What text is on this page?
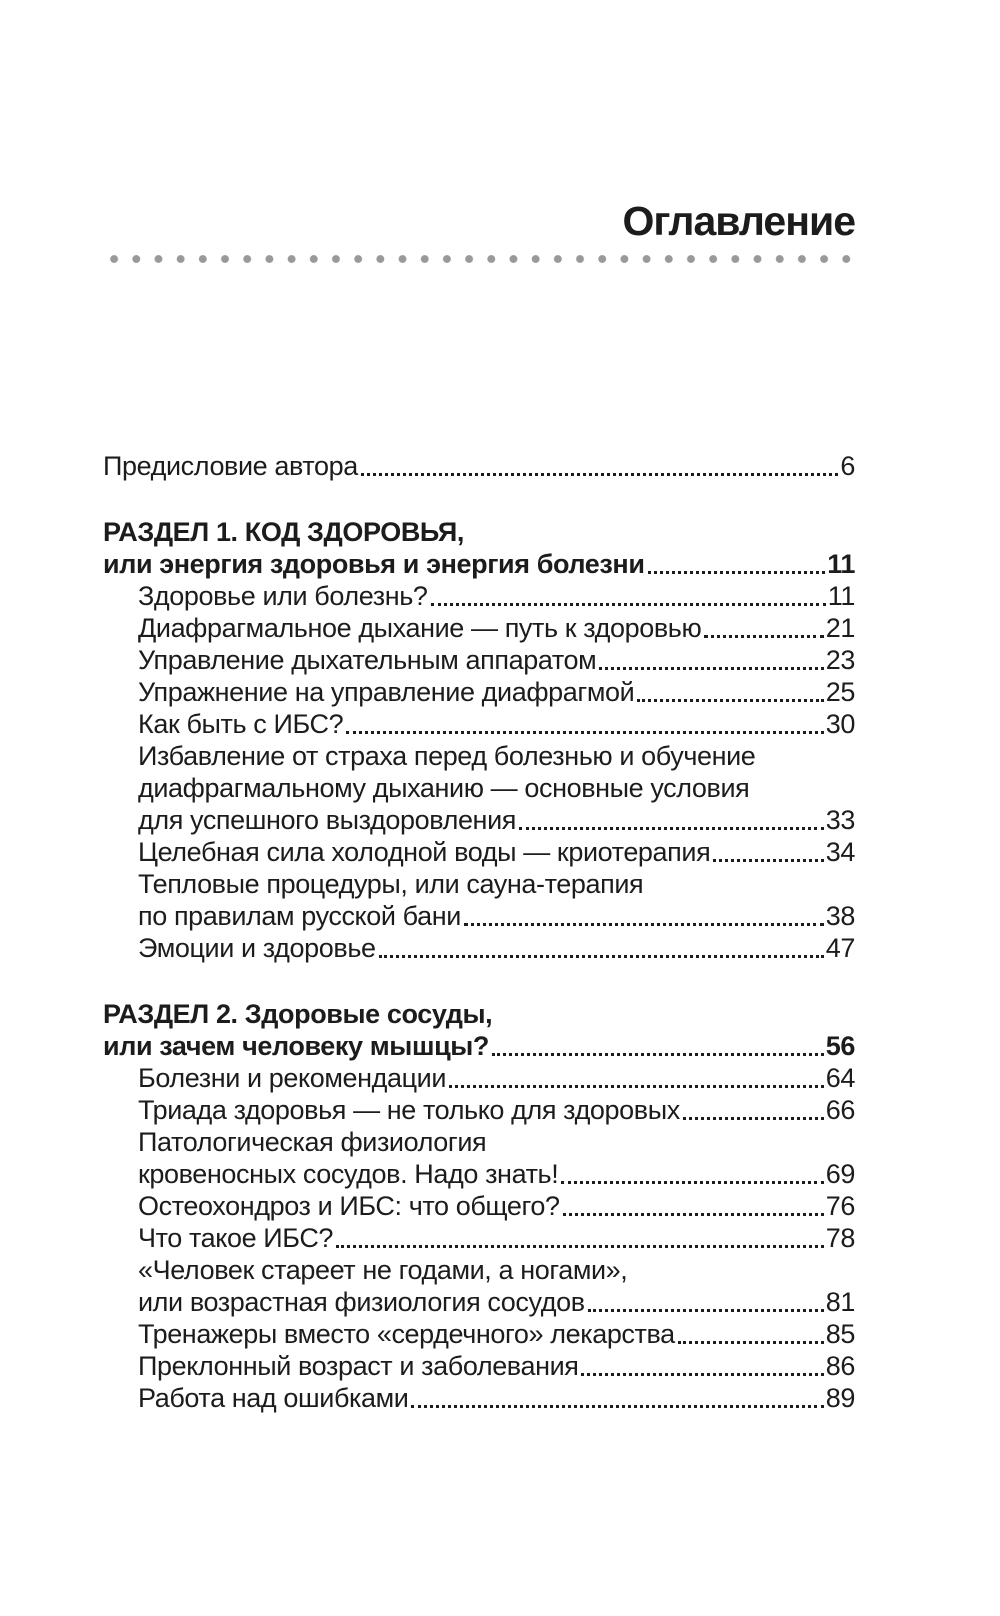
Оглавление
Предисловие автора	6
РАЗДЕЛ 1. КОД ЗДОРОВЬЯ,
или энергия здоровья и энергия болезни	11
Здоровье или болезнь?	11
Диафрагмальное дыхание — путь к здоровью	21
Управление дыхательным аппаратом	23
Упражнение на управление диафрагмой	25
Как быть с ИБС?	30
Избавление от страха перед болезнью и обучение
диафрагмальному дыханию — основные условия
для успешного выздоровления	33
Целебная сила холодной воды — криотерапия	34
Тепловые процедуры, или сауна-терапия
по правилам русской бани	38
Эмоции и здоровье	47
РАЗДЕЛ 2. Здоровые сосуды,
или зачем человеку мышцы?	56
Болезни и рекомендации	64
Триада здоровья — не только для здоровых	66
Патологическая физиология
кровеносных сосудов. Надо знать!	69
Остеохондроз и ИБС: что общего?	76
Что такое ИБС?	78
«Человек стареет не годами, а ногами»,
или возрастная физиология сосудов	81
Тренажеры вместо «сердечного» лекарства	85
Преклонный возраст и заболевания	86
Работа над ошибками	89
